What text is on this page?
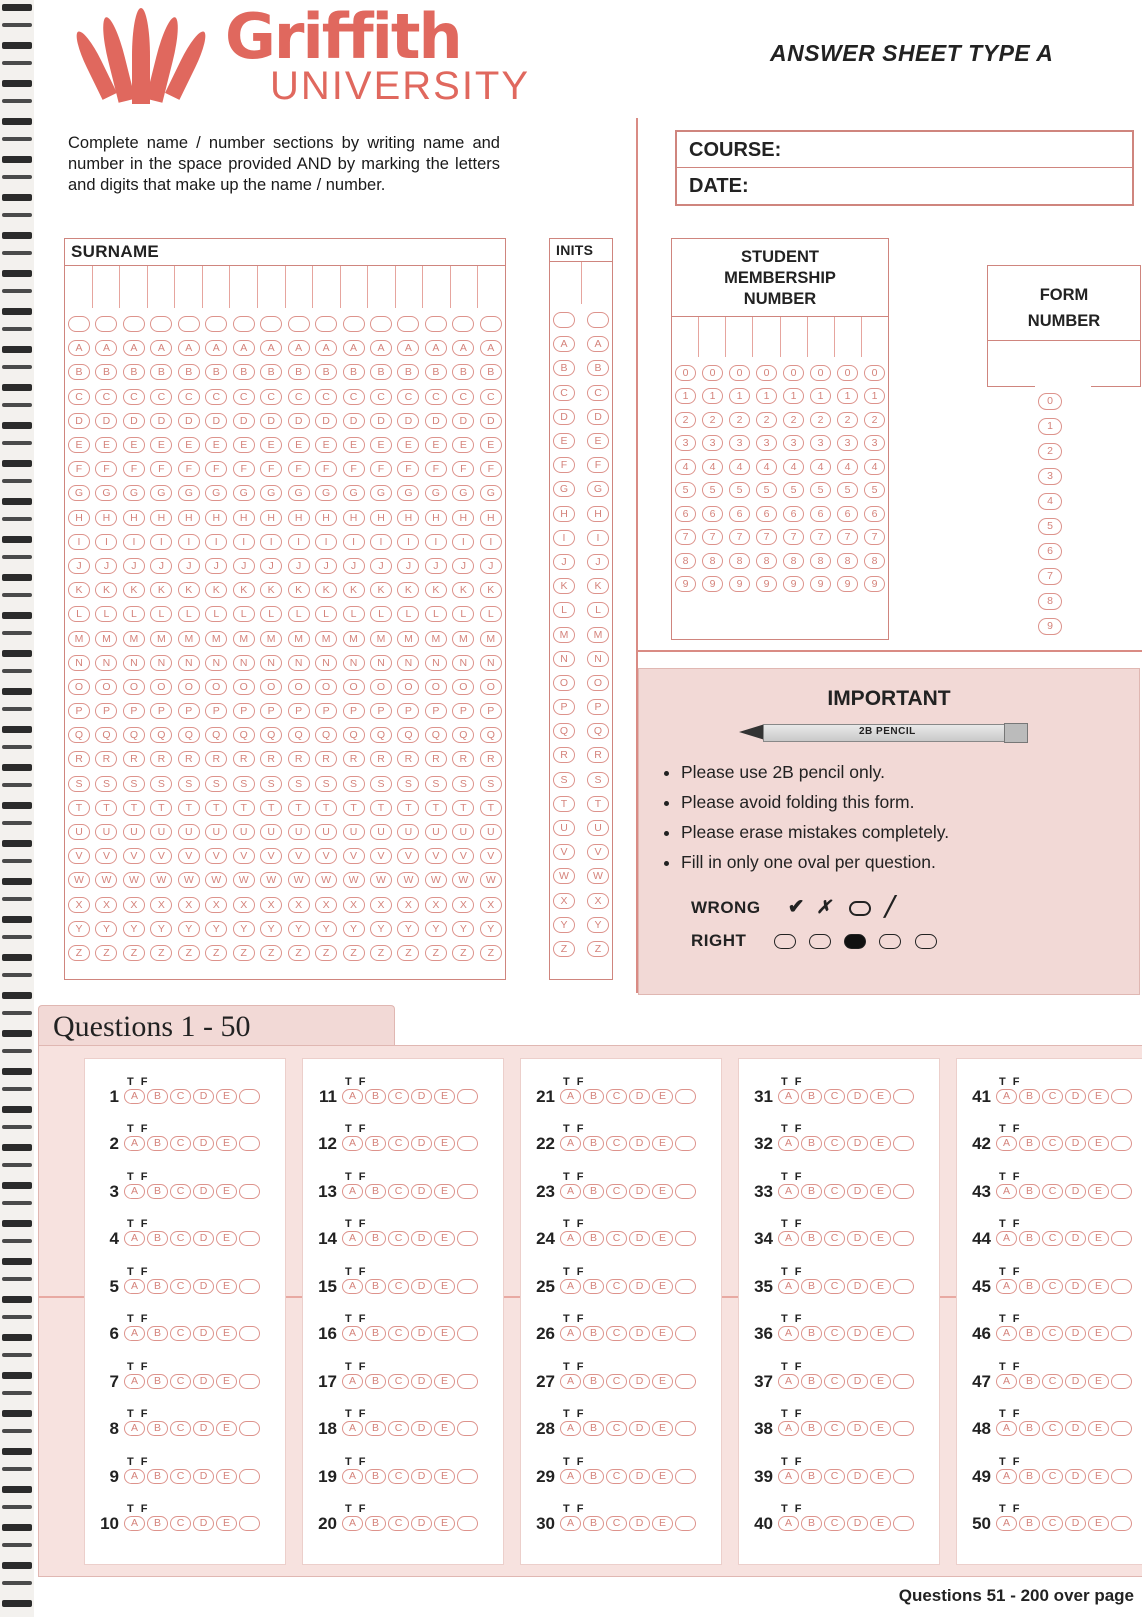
Griffith
UNIVERSITY
ANSWER SHEET TYPE A
Complete name / number sections by writing name and number in the space provided AND by marking the letters and digits that make up the name / number.
COURSE:
DATE:
SURNAME
A	A	A	A	A	A	A	A	A	A	A	A	A	A	A	A
B	B	B	B	B	B	B	B	B	B	B	B	B	B	B	B
C	C	C	C	C	C	C	C	C	C	C	C	C	C	C	C
D	D	D	D	D	D	D	D	D	D	D	D	D	D	D	D
E	E	E	E	E	E	E	E	E	E	E	E	E	E	E	E
F	F	F	F	F	F	F	F	F	F	F	F	F	F	F	F
G	G	G	G	G	G	G	G	G	G	G	G	G	G	G	G
H	H	H	H	H	H	H	H	H	H	H	H	H	H	H	H
I	I	I	I	I	I	I	I	I	I	I	I	I	I	I	I
J	J	J	J	J	J	J	J	J	J	J	J	J	J	J	J
K	K	K	K	K	K	K	K	K	K	K	K	K	K	K	K
L	L	L	L	L	L	L	L	L	L	L	L	L	L	L	L
M	M	M	M	M	M	M	M	M	M	M	M	M	M	M	M
N	N	N	N	N	N	N	N	N	N	N	N	N	N	N	N
O	O	O	O	O	O	O	O	O	O	O	O	O	O	O	O
P	P	P	P	P	P	P	P	P	P	P	P	P	P	P	P
Q	Q	Q	Q	Q	Q	Q	Q	Q	Q	Q	Q	Q	Q	Q	Q
R	R	R	R	R	R	R	R	R	R	R	R	R	R	R	R
S	S	S	S	S	S	S	S	S	S	S	S	S	S	S	S
T	T	T	T	T	T	T	T	T	T	T	T	T	T	T	T
U	U	U	U	U	U	U	U	U	U	U	U	U	U	U	U
V	V	V	V	V	V	V	V	V	V	V	V	V	V	V	V
W	W	W	W	W	W	W	W	W	W	W	W	W	W	W	W
X	X	X	X	X	X	X	X	X	X	X	X	X	X	X	X
Y	Y	Y	Y	Y	Y	Y	Y	Y	Y	Y	Y	Y	Y	Y	Y
Z	Z	Z	Z	Z	Z	Z	Z	Z	Z	Z	Z	Z	Z	Z	Z
INITS
A	A
B	B
C	C
D	D
E	E
F	F
G	G
H	H
I	I
J	J
K	K
L	L
M	M
N	N
O	O
P	P
Q	Q
R	R
S	S
T	T
U	U
V	V
W	W
X	X
Y	Y
Z	Z
STUDENT
MEMBERSHIP
NUMBER
0	0	0	0	0	0	0	0
1	1	1	1	1	1	1	1
2	2	2	2	2	2	2	2
3	3	3	3	3	3	3	3
4	4	4	4	4	4	4	4
5	5	5	5	5	5	5	5
6	6	6	6	6	6	6	6
7	7	7	7	7	7	7	7
8	8	8	8	8	8	8	8
9	9	9	9	9	9	9	9
FORM
NUMBER
0
1
2
3
4
5
6
7
8
9
IMPORTANT
2B PENCIL
• Please use 2B pencil only.
• Please avoid folding this form.
• Please erase mistakes completely.
• Fill in only one oval per question.
WRONG ✔ ✗	╱
RIGHT
Questions 1 - 50
1
TF
A	B	C	D	E
2
TF
A	B	C	D	E
3
TF
A	B	C	D	E
4
TF
A	B	C	D	E
5
TF
A	B	C	D	E
6
TF
A	B	C	D	E
7
TF
A	B	C	D	E
8
TF
A	B	C	D	E
9
TF
A	B	C	D	E
10
TF
A	B	C	D	E
11
TF
A	B	C	D	E
12
TF
A	B	C	D	E
13
TF
A	B	C	D	E
14
TF
A	B	C	D	E
15
TF
A	B	C	D	E
16
TF
A	B	C	D	E
17
TF
A	B	C	D	E
18
TF
A	B	C	D	E
19
TF
A	B	C	D	E
20
TF
A	B	C	D	E
21
TF
A	B	C	D	E
22
TF
A	B	C	D	E
23
TF
A	B	C	D	E
24
TF
A	B	C	D	E
25
TF
A	B	C	D	E
26
TF
A	B	C	D	E
27
TF
A	B	C	D	E
28
TF
A	B	C	D	E
29
TF
A	B	C	D	E
30
TF
A	B	C	D	E
31
TF
A	B	C	D	E
32
TF
A	B	C	D	E
33
TF
A	B	C	D	E
34
TF
A	B	C	D	E
35
TF
A	B	C	D	E
36
TF
A	B	C	D	E
37
TF
A	B	C	D	E
38
TF
A	B	C	D	E
39
TF
A	B	C	D	E
40
TF
A	B	C	D	E
41
TF
A	B	C	D	E
42
TF
A	B	C	D	E
43
TF
A	B	C	D	E
44
TF
A	B	C	D	E
45
TF
A	B	C	D	E
46
TF
A	B	C	D	E
47
TF
A	B	C	D	E
48
TF
A	B	C	D	E
49
TF
A	B	C	D	E
50
TF
A	B	C	D	E
Questions 51 - 200 over page
